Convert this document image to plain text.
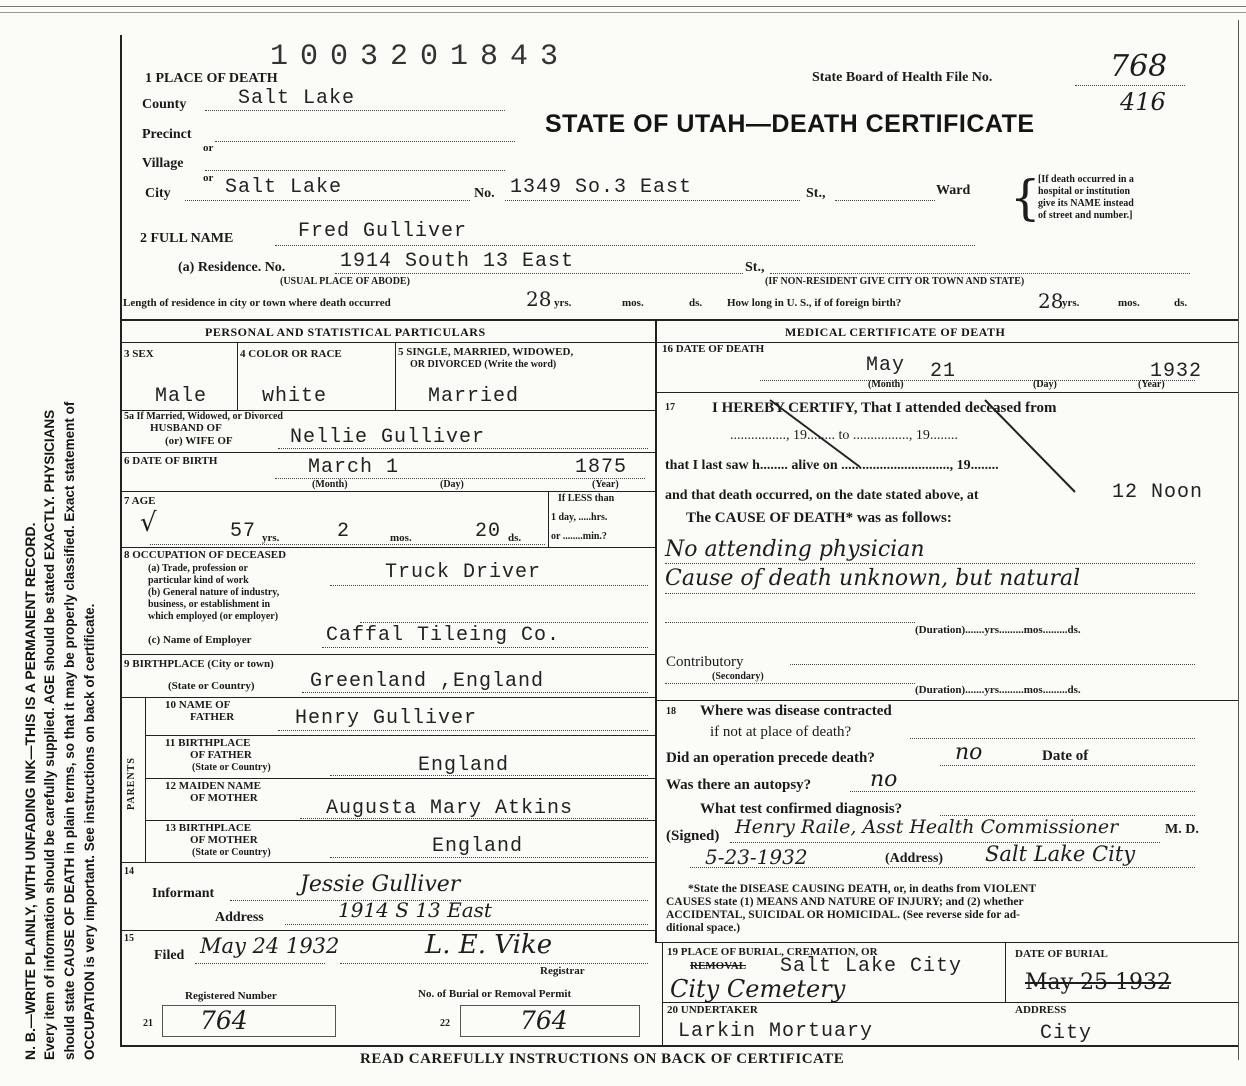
N. B.—WRITE PLAINLY, WITH UNFADING INK—THIS IS A PERMANENT RECORD. Every item of information should be carefully supplied. AGE should be stated EXACTLY. PHYSICIANS should state CAUSE OF DEATH in plain terms, so that it may be properly classified. Exact statement of OCCUPATION is very important. See instructions on back of certificate.
1003201843
1 PLACE OF DEATH	State Board of Health File No.	768
416
STATE OF UTAH—DEATH CERTIFICATE
County	Salt Lake
Precinct
or
Village
or
City	Salt Lake	No. 1349 So.3 East	St.,	Ward {
[If death occurred in a
hospital or institution
give its NAME instead
of street and number.]
2 FULL NAME	Fred Gulliver
(a) Residence. No.	1914 South 13 East	St.,
(USUAL PLACE OF ABODE)	(IF NON-RESIDENT GIVE CITY OR TOWN AND STATE)
Length of residence in city or town where death occurred	28 yrs.	mos.	ds. How long in U. S., if of foreign birth?	28
yrs.	mos.	ds.
PERSONAL AND STATISTICAL PARTICULARS
3 SEX	4 COLOR OR RACE	5 SINGLE, MARRIED, WIDOWED,
OR DIVORCED (Write the word)
Male	white	Married
5a If Married, Widowed, or Divorced
HUSBAND OF
(or) WIFE OF	Nellie Gulliver
6 DATE OF BIRTH	March 1	1875
(Month)	(Day)	(Year)
7 AGE
√	57 yrs.	2	mos.	20 ds.
If LESS than
1 day, .....hrs.
or ........min.?
8 OCCUPATION OF DECEASED
(a) Trade, profession or
particular kind of work	Truck Driver
(b) General nature of industry,
business, or establishment in
which employed (or employer)
(c) Name of Employer	Caffal Tileing Co.
9 BIRTHPLACE (City or town)
(State or Country)	Greenland ,England
PARENTS
10 NAME OF
FATHER	Henry Gulliver
11 BIRTHPLACE
OF FATHER
(State or Country)	England
12 MAIDEN NAME
OF MOTHER	Augusta Mary Atkins
13 BIRTHPLACE
OF MOTHER
(State or Country)	England
14
Informant	Jessie Gulliver
Address	1914 S 13 East
15
Filed May 24 1932	L. E. Vike
Registrar
Registered Number
21 764
No. of Burial or Removal Permit
22	764
READ CAREFULLY INSTRUCTIONS ON BACK OF CERTIFICATE
MEDICAL CERTIFICATE OF DEATH
16 DATE OF DEATH
May 21	1932
(Month)	(Day)	(Year)
17 I HEREBY CERTIFY, That I attended deceased from
................, 19........ to ................, 19........
that I last saw h........ alive on ..............................., 19........
and that death occurred, on the date stated above, at	12 Noon
The CAUSE OF DEATH* was as follows:
No attending physician
Cause of death unknown, but natural
(Duration).......yrs.........mos.........ds.
Contributory
(Secondary)
(Duration).......yrs.........mos.........ds.
18 Where was disease contracted
if not at place of death?
Did an operation precede death?	no	Date of
Was there an autopsy?	no
What test confirmed diagnosis?
(Signed) Henry Raile, Asst Health Commissioner	M. D.
5-23-1932	(Address) Salt Lake City
*State the DISEASE CAUSING DEATH, or, in deaths from VIOLENT
CAUSES state (1) MEANS AND NATURE OF INJURY; and (2) whether
ACCIDENTAL, SUICIDAL OR HOMICIDAL. (See reverse side for ad-
ditional space.)
19 PLACE OF BURIAL, CREMATION, OR
REMOVAL Salt Lake City
City Cemetery
DATE OF BURIAL
May 25 1932
20 UNDERTAKER
Larkin Mortuary
ADDRESS
City
